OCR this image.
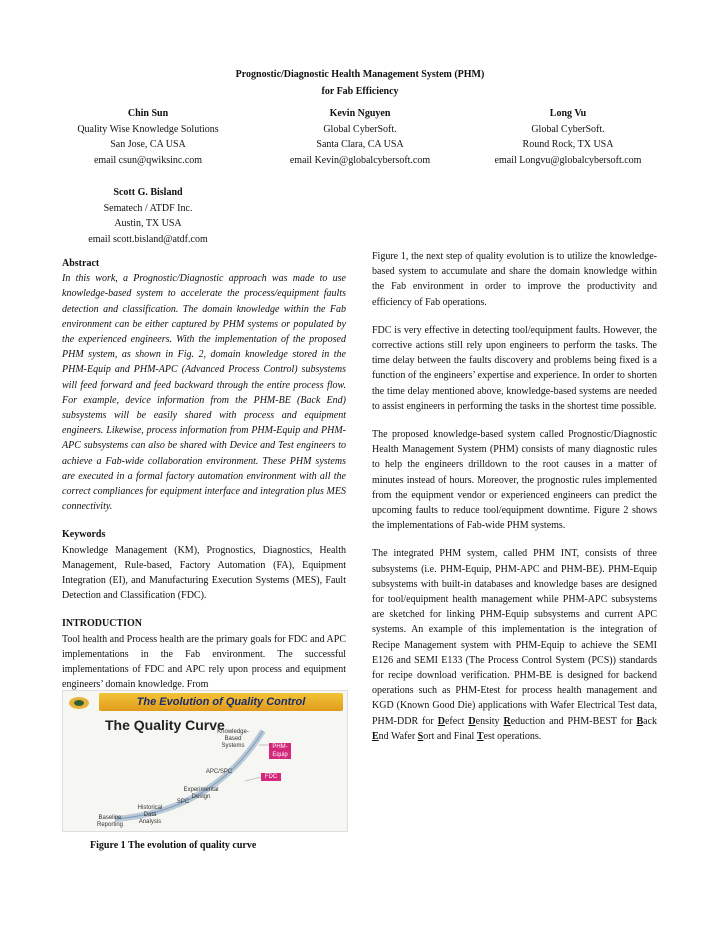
Prognostic/Diagnostic Health Management System (PHM)
for Fab Efficiency
Chin Sun
Quality Wise Knowledge Solutions
San Jose, CA USA
email csun@qwiksinc.com
Kevin Nguyen
Global CyberSoft.
Santa Clara, CA USA
email Kevin@globalcybersoft.com
Long Vu
Global CyberSoft.
Round Rock, TX USA
email Longvu@globalcybersoft.com
Scott G. Bisland
Sematech / ATDF Inc.
Austin, TX USA
email scott.bisland@atdf.com

Abstract

In this work, a Prognostic/Diagnostic approach was made to use knowledge-based system to accelerate the process/equipment faults detection and classification. The domain knowledge within the Fab environment can be either captured by PHM systems or populated by the experienced engineers. With the implementation of the proposed PHM system, as shown in Fig. 2, domain knowledge stored in the PHM-Equip and PHM-APC (Advanced Process Control) subsystems will feed forward and feed backward through the entire process flow. For example, device information from the PHM-BE (Back End) subsystems will be easily shared with process and equipment engineers. Likewise, process information from PHM-Equip and PHM-APC subsystems can also be shared with Device and Test engineers to achieve a Fab-wide collaboration environment. These PHM systems are executed in a formal factory automation environment with all the correct compliances for equipment interface and integration plus MES connectivity.

Keywords

Knowledge Management (KM), Prognostics, Diagnostics, Health Management, Rule-based, Factory Automation (FA), Equipment Integration (EI), and Manufacturing Execution Systems (MES), Fault Detection and Classification (FDC).

INTRODUCTION

Tool health and Process health are the primary goals for FDC and APC implementations in the Fab environment. The successful implementations of FDC and APC rely upon process and equipment engineers’ domain knowledge. From

The Evolution of Quality Control
The Quality Curve
Knowledge-Based Systems	PHM-Equip
APC/SPC
FDC
Experimental Design
SPC
Historical Data Analysis
Baseline Reporting
Figure 1 The evolution of quality curve

Figure 1, the next step of quality evolution is to utilize the knowledge-based system to accumulate and share the domain knowledge within the Fab environment in order to improve the productivity and efficiency of Fab operations.

FDC is very effective in detecting tool/equipment faults. However, the corrective actions still rely upon engineers to perform the tasks. The time delay between the faults discovery and problems being fixed is a function of the engineers’ expertise and experience. In order to shorten the time delay mentioned above, knowledge-based systems are needed to assist engineers in performing the tasks in the shortest time possible.

The proposed knowledge-based system called Prognostic/Diagnostic Health Management System (PHM) consists of many diagnostic rules to help the engineers drilldown to the root causes in a matter of minutes instead of hours. Moreover, the prognostic rules implemented from the equipment vendor or experienced engineers can predict the upcoming faults to reduce tool/equipment downtime. Figure 2 shows the implementations of Fab-wide PHM systems.

The integrated PHM system, called PHM INT, consists of three subsystems (i.e. PHM-Equip, PHM-APC and PHM-BE). PHM-Equip subsystems with built-in databases and knowledge bases are designed for tool/equipment health management while PHM-APC subsystems are sketched for linking PHM-Equip subsystems and current APC systems. An example of this implementation is the integration of Recipe Management system with PHM-Equip to achieve the SEMI E126 and SEMI E133 (The Process Control System (PCS)) standards for recipe download verification. PHM-BE is designed for backend operations such as PHM-Etest for process health management and KGD (Known Good Die) applications with Wafer Electrical Test data, PHM-DDR for Defect Density Reduction and PHM-BEST for Back End Wafer Sort and Final Test operations.
